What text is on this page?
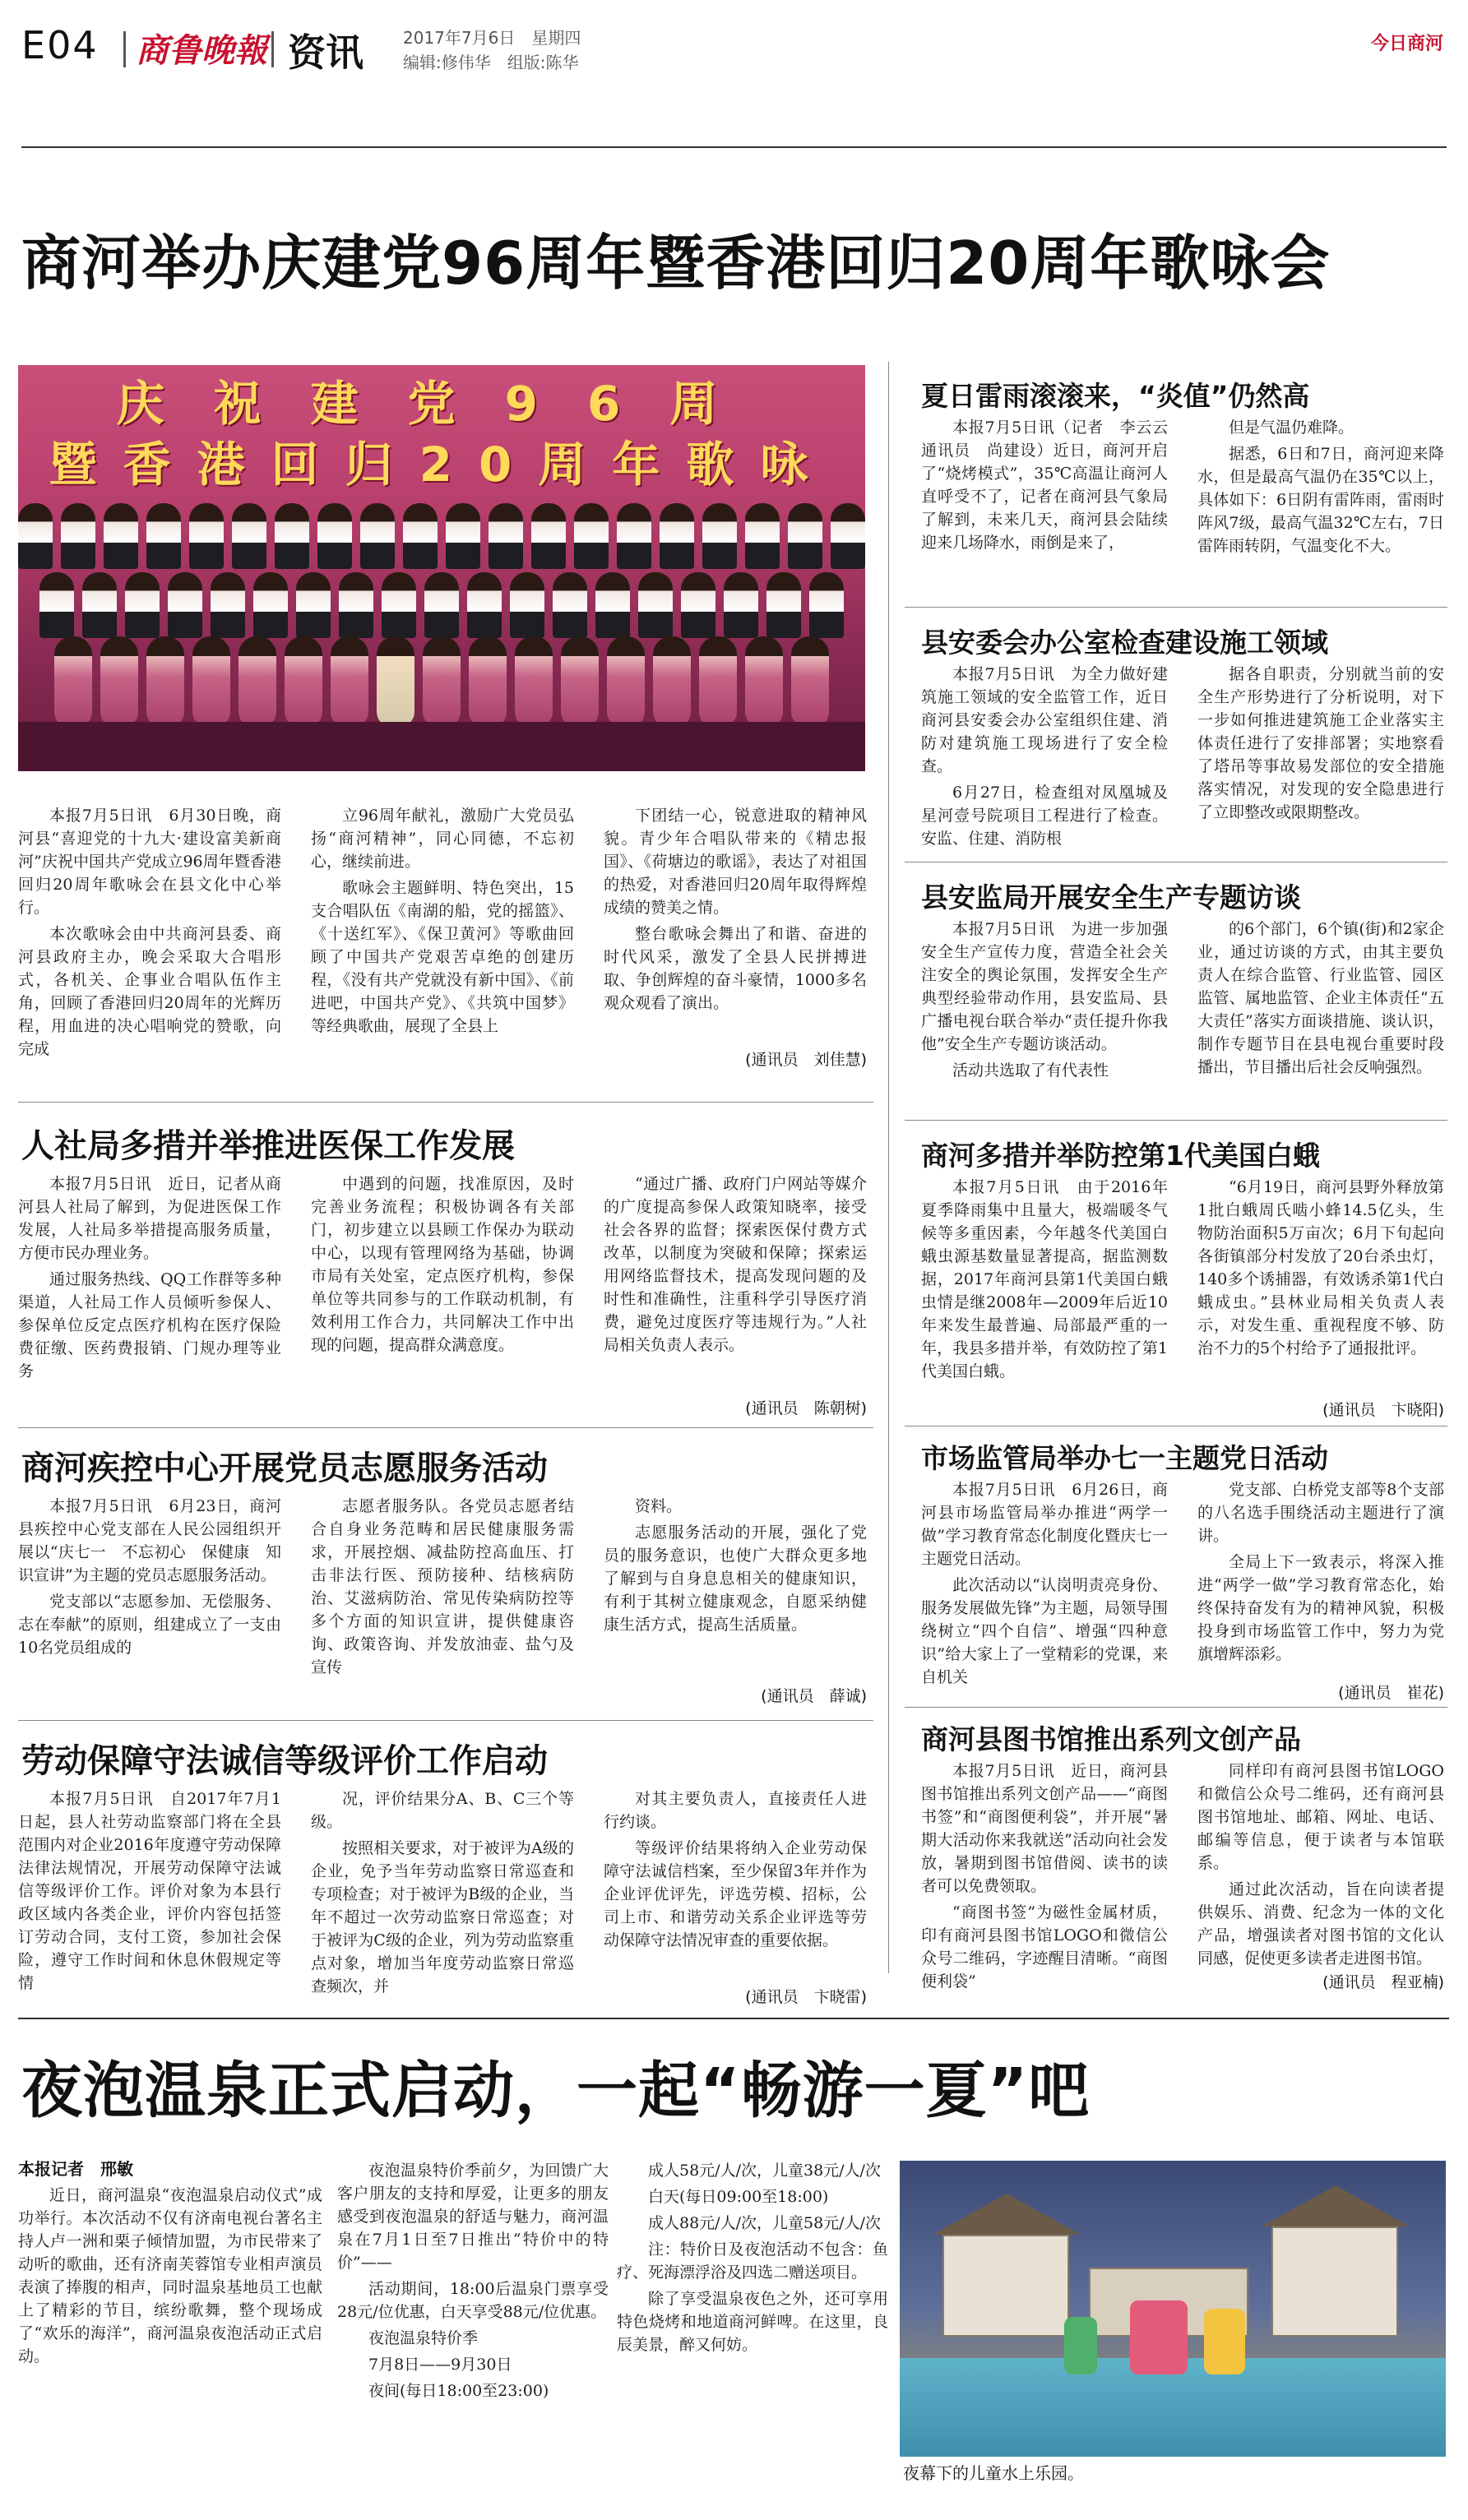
E04 商鲁晚報 资讯 2017年7月6日　星期四
编辑:修伟华　组版:陈华
今日商河
商河举办庆建党96周年暨香港回归20周年歌咏会
庆祝建党96周
暨香港回归20周年歌咏

本报7月5日讯　6月30日晚，商河县“喜迎党的十九大·建设富美新商河”庆祝中国共产党成立96周年暨香港回归20周年歌咏会在县文化中心举行。

本次歌咏会由中共商河县委、商河县政府主办，晚会采取大合唱形式，各机关、企事业合唱队伍作主角，回顾了香港回归20周年的光辉历程，用血进的决心唱响党的赞歌，向完成

立96周年献礼，激励广大党员弘扬“商河精神”，同心同德，不忘初心，继续前进。

歌咏会主题鲜明、特色突出，15支合唱队伍《南湖的船，党的摇篮》、《十送红军》、《保卫黄河》等歌曲回顾了中国共产党艰苦卓绝的创建历程，《没有共产党就没有新中国》、《前进吧，中国共产党》、《共筑中国梦》等经典歌曲，展现了全县上

下团结一心，锐意进取的精神风貌。青少年合唱队带来的《精忠报国》、《荷塘边的歌谣》，表达了对祖国的热爱，对香港回归20周年取得辉煌成绩的赞美之情。

整台歌咏会舞出了和谐、奋进的时代风采，激发了全县人民拼搏进取、争创辉煌的奋斗豪情，1000多名观众观看了演出。

(通讯员　刘佳慧)
夏日雷雨滚滚来，“炎值”仍然高

本报7月5日讯（记者　李云云　通讯员　尚建设）近日，商河开启了“烧烤模式”，35℃高温让商河人直呼受不了，记者在商河县气象局了解到，未来几天，商河县会陆续迎来几场降水，雨倒是来了，

但是气温仍难降。

据悉，6日和7日，商河迎来降水，但是最高气温仍在35℃以上，具体如下：6日阴有雷阵雨，雷雨时阵风7级，最高气温32℃左右，7日雷阵雨转阴，气温变化不大。

县安委会办公室检查建设施工领域

本报7月5日讯　为全力做好建筑施工领域的安全监管工作，近日商河县安委会办公室组织住建、消防对建筑施工现场进行了安全检查。

6月27日，检查组对凤凰城及星河壹号院项目工程进行了检查。安监、住建、消防根

据各自职责，分别就当前的安全生产形势进行了分析说明，对下一步如何推进建筑施工企业落实主体责任进行了安排部署；实地察看了塔吊等事故易发部位的安全措施落实情况，对发现的安全隐患进行了立即整改或限期整改。

县安监局开展安全生产专题访谈

本报7月5日讯　为进一步加强安全生产宣传力度，营造全社会关注安全的舆论氛围，发挥安全生产典型经验带动作用，县安监局、县广播电视台联合举办“责任提升你我他”安全生产专题访谈活动。

活动共选取了有代表性

的6个部门，6个镇(街)和2家企业，通过访谈的方式，由其主要负责人在综合监管、行业监管、园区监管、属地监管、企业主体责任“五大责任”落实方面谈措施、谈认识，制作专题节目在县电视台重要时段播出，节目播出后社会反响强烈。

商河多措并举防控第1代美国白蛾

本报7月5日讯　由于2016年夏季降雨集中且量大，极端暖冬气候等多重因素，今年越冬代美国白蛾虫源基数量显著提高，据监测数据，2017年商河县第1代美国白蛾虫情是继2008年—2009年后近10年来发生最普遍、局部最严重的一年，我县多措并举，有效防控了第1代美国白蛾。

“6月19日，商河县野外释放第1批白蛾周氏啮小蜂14.5亿头，生物防治面积5万亩次；6月下旬起向各街镇部分村发放了20台杀虫灯，140多个诱捕器，有效诱杀第1代白蛾成虫。”县林业局相关负责人表示，对发生重、重视程度不够、防治不力的5个村给予了通报批评。

(通讯员　卞晓阳)
市场监管局举办七一主题党日活动

本报7月5日讯　6月26日，商河县市场监管局举办推进“两学一做”学习教育常态化制度化暨庆七一主题党日活动。

此次活动以“认岗明责亮身份、服务发展做先锋”为主题，局领导围绕树立“四个自信”、增强“四种意识”给大家上了一堂精彩的党课，来自机关

党支部、白桥党支部等8个支部的八名选手围绕活动主题进行了演讲。

全局上下一致表示，将深入推进“两学一做”学习教育常态化，始终保持奋发有为的精神风貌，积极投身到市场监管工作中，努力为党旗增辉添彩。

(通讯员　崔花)
商河县图书馆推出系列文创产品

本报7月5日讯　近日，商河县图书馆推出系列文创产品——“商图书签”和“商图便利袋”，并开展“暑期大活动你来我就送”活动向社会发放，暑期到图书馆借阅、读书的读者可以免费领取。

“商图书签”为磁性金属材质，印有商河县图书馆LOGO和微信公众号二维码，字迹醒目清晰。“商图便利袋”

同样印有商河县图书馆LOGO和微信公众号二维码，还有商河县图书馆地址、邮箱、网址、电话、邮编等信息，便于读者与本馆联系。

通过此次活动，旨在向读者提供娱乐、消费、纪念为一体的文化产品，增强读者对图书馆的文化认同感，促使更多读者走进图书馆。

(通讯员　程亚楠)
人社局多措并举推进医保工作发展

本报7月5日讯　近日，记者从商河县人社局了解到，为促进医保工作发展，人社局多举措提高服务质量，方便市民办理业务。

通过服务热线、QQ工作群等多种渠道，人社局工作人员倾听参保人、参保单位反定点医疗机构在医疗保险费征缴、医药费报销、门规办理等业务

中遇到的问题，找准原因，及时完善业务流程；积极协调各有关部门，初步建立以县顾工作保办为联动中心，以现有管理网络为基础，协调市局有关处室，定点医疗机构，参保单位等共同参与的工作联动机制，有效利用工作合力，共同解决工作中出现的问题，提高群众满意度。

“通过广播、政府门户网站等媒介的广度提高参保人政策知晓率，接受社会各界的监督；探索医保付费方式改革，以制度为突破和保障；探索运用网络监督技术，提高发现问题的及时性和准确性，注重科学引导医疗消费，避免过度医疗等违规行为。”人社局相关负责人表示。

(通讯员　陈朝树)
商河疾控中心开展党员志愿服务活动

本报7月5日讯　6月23日，商河县疾控中心党支部在人民公园组织开展以“庆七一　不忘初心　保健康　知识宣讲”为主题的党员志愿服务活动。

党支部以“志愿参加、无偿服务、志在奉献”的原则，组建成立了一支由10名党员组成的

志愿者服务队。各党员志愿者结合自身业务范畴和居民健康服务需求，开展控烟、减盐防控高血压、打击非法行医、预防接种、结核病防治、艾滋病防治、常见传染病防控等多个方面的知识宣讲，提供健康咨询、政策咨询、并发放油壶、盐勺及宣传

资料。

志愿服务活动的开展，强化了党员的服务意识，也使广大群众更多地了解到与自身息息相关的健康知识，有利于其树立健康观念，自愿采纳健康生活方式，提高生活质量。

(通讯员　薛诚)
劳动保障守法诚信等级评价工作启动

本报7月5日讯　自2017年7月1日起，县人社劳动监察部门将在全县范围内对企业2016年度遵守劳动保障法律法规情况，开展劳动保障守法诚信等级评价工作。评价对象为本县行政区域内各类企业，评价内容包括签订劳动合同，支付工资，参加社会保险，遵守工作时间和休息休假规定等情

况，评价结果分A、B、C三个等级。

按照相关要求，对于被评为A级的企业，免予当年劳动监察日常巡查和专项检查；对于被评为B级的企业，当年不超过一次劳动监察日常巡查；对于被评为C级的企业，列为劳动监察重点对象，增加当年度劳动监察日常巡查频次，并

对其主要负责人，直接责任人进行约谈。

等级评价结果将纳入企业劳动保障守法诚信档案，至少保留3年并作为企业评优评先，评选劳模、招标，公司上市、和谐劳动关系企业评选等劳动保障守法情况审查的重要依据。

(通讯员　卞晓雷)
夜泡温泉正式启动，一起“畅游一夏”吧
本报记者　邢敏

近日，商河温泉“夜泡温泉启动仪式”成功举行。本次活动不仅有济南电视台著名主持人卢一洲和栗子倾情加盟，为市民带来了动听的歌曲，还有济南芙蓉馆专业相声演员表演了捧腹的相声，同时温泉基地员工也献上了精彩的节目，缤纷歌舞，整个现场成了“欢乐的海洋”，商河温泉夜泡活动正式启动。

夜泡温泉特价季前夕，为回馈广大客户朋友的支持和厚爱，让更多的朋友感受到夜泡温泉的舒适与魅力，商河温泉在7月1日至7日推出“特价中的特价”——

活动期间，18:00后温泉门票享受28元/位优惠，白天享受88元/位优惠。

夜泡温泉特价季

7月8日——9月30日

夜间(每日18:00至23:00)

成人58元/人/次，儿童38元/人/次

白天(每日09:00至18:00)

成人88元/人/次，儿童58元/人/次

注：特价日及夜泡活动不包含：鱼疗、死海漂浮浴及四选二赠送项目。

除了享受温泉夜色之外，还可享用特色烧烤和地道商河鲜啤。在这里，良辰美景，醉又何妨。

夜幕下的儿童水上乐园。
